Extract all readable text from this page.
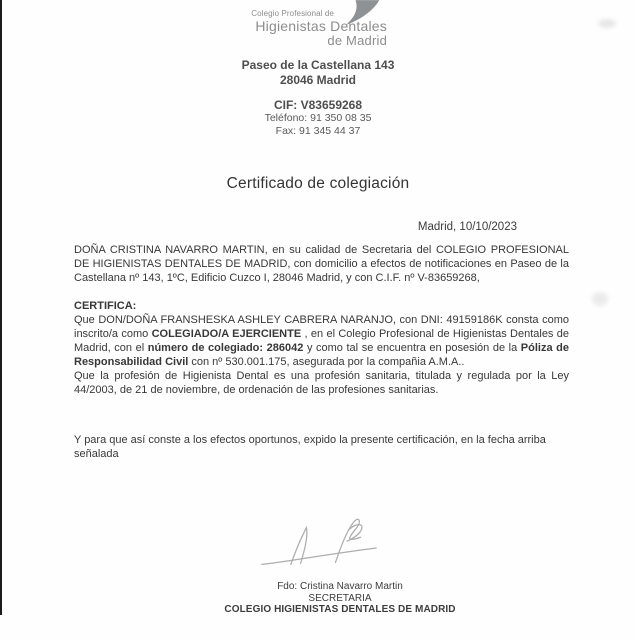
Colegio Profesional de
Higienistas Dentales
de Madrid
Paseo de la Castellana 143
28046 Madrid
CIF: V83659268
Teléfono: 91 350 08 35
Fax: 91 345 44 37
Certificado de colegiación
Madrid, 10/10/2023

DOÑA CRISTINA NAVARRO MARTIN, en su calidad de Secretaria del COLEGIO PROFESIONAL DE HIGIENISTAS DENTALES DE MADRID, con domicilio a efectos de notificaciones en Paseo de la Castellana nº 143, 1ºC, Edificio Cuzco I, 28046 Madrid, y con C.I.F. nº V-83659268,

CERTIFICA:

Que DON/DOÑA FRANSHESKA ASHLEY CABRERA NARANJO, con DNI: 49159186K consta como inscrito/a como COLEGIADO/A EJERCIENTE , en el Colegio Profesional de Higienistas Dentales de Madrid, con el número de colegiado: 286042 y como tal se encuentra en posesión de la Póliza de Responsabilidad Civil con nº 530.001.175, asegurada por la compañia A.M.A..

Que la profesión de Higienista Dental es una profesión sanitaria, titulada y regulada por la Ley 44/2003, de 21 de noviembre, de ordenación de las profesiones sanitarias.

Y para que así conste a los efectos oportunos, expido la presente certificación, en la fecha arriba señalada

Fdo: Cristina Navarro Martin
SECRETARIA
COLEGIO HIGIENISTAS DENTALES DE MADRID
